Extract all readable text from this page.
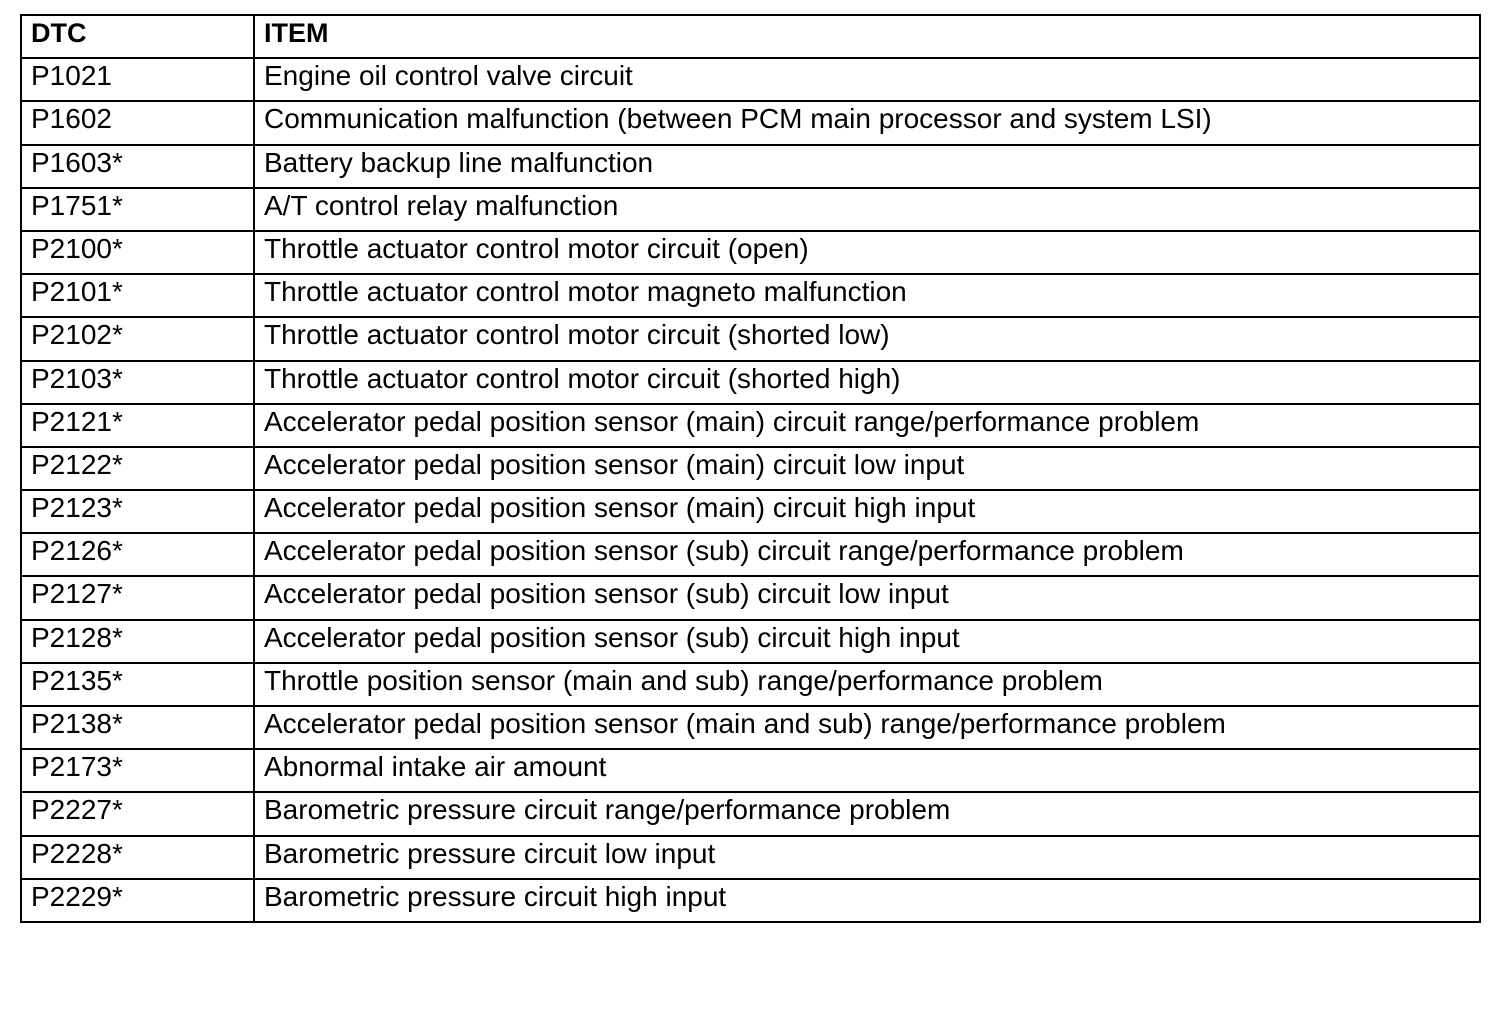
DTC	ITEM
P1021	Engine oil control valve circuit
P1602	Communication malfunction (between PCM main processor and system LSI)
P1603*	Battery backup line malfunction
P1751*	A/T control relay malfunction
P2100*	Throttle actuator control motor circuit (open)
P2101*	Throttle actuator control motor magneto malfunction
P2102*	Throttle actuator control motor circuit (shorted low)
P2103*	Throttle actuator control motor circuit (shorted high)
P2121*	Accelerator pedal position sensor (main) circuit range/performance problem
P2122*	Accelerator pedal position sensor (main) circuit low input
P2123*	Accelerator pedal position sensor (main) circuit high input
P2126*	Accelerator pedal position sensor (sub) circuit range/performance problem
P2127*	Accelerator pedal position sensor (sub) circuit low input
P2128*	Accelerator pedal position sensor (sub) circuit high input
P2135*	Throttle position sensor (main and sub) range/performance problem
P2138*	Accelerator pedal position sensor (main and sub) range/performance problem
P2173*	Abnormal intake air amount
P2227*	Barometric pressure circuit range/performance problem
P2228*	Barometric pressure circuit low input
P2229*	Barometric pressure circuit high input
